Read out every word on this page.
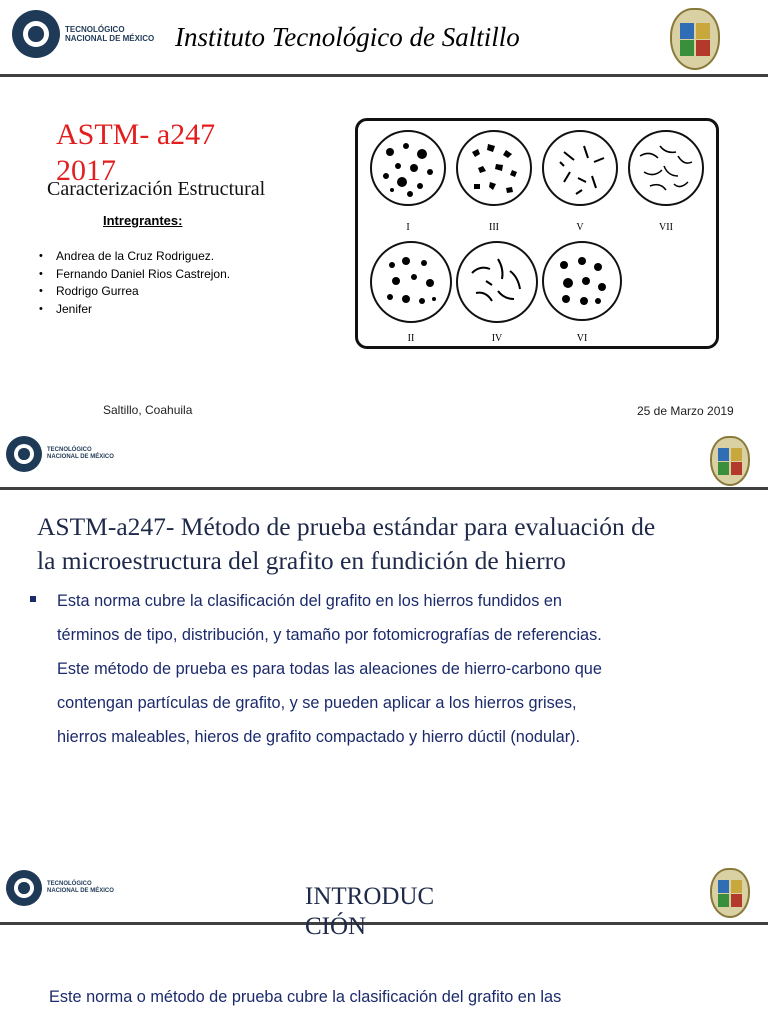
TECNOLÓGICO
NACIONAL DE MÉXICO Instituto Tecnológico de Saltillo
ASTM- a247
2017
Caracterización Estructural
Intregrantes:
• Andrea de la Cruz Rodriguez.
• Fernando Daniel Rios Castrejon.
• Rodrigo Gurrea
• Jenifer
I	III	V	VII
II	IV	VI
Saltillo, Coahuila	25 de Marzo 2019
TECNOLÓGICO
NACIONAL DE MÉXICO
ASTM-a247- Método de prueba estándar para evaluación de
la microestructura del grafito en fundición de hierro
Esta norma cubre la clasificación del grafito en los hierros fundidos en
términos de tipo, distribución, y tamaño por fotomicrografías de referencias.
Este método de prueba es para todas las aleaciones de hierro-carbono que
contengan partículas de grafito, y se pueden aplicar a los hierros grises,
hierros maleables, hieros de grafito compactado y hierro dúctil (nodular).
TECNOLÓGICO
NACIONAL DE MÉXICO	INTRODUC
CIÓN
Este norma o método de prueba cubre la clasificación del grafito en las
